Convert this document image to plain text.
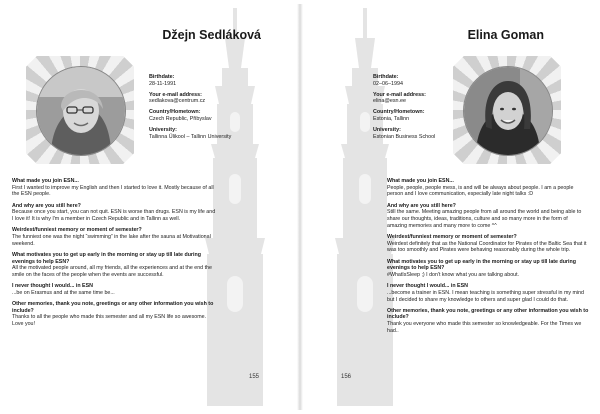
Džejn Sedláková
Birthdate:
28-11-1991
Your e-mail address:
sedlakova@centrum.cz
Country/Hometown:
Czech Republic, Přibyslav
University:
Tallinna Ülikool – Tallinn University
What made you join ESN...
First I wanted to improve my English and then I started to love it. Mostly because of all the ESN people.
And why are you still here?
Because once you start, you can not quit. ESN is worse than drugs. ESN is my life and I love it! It is why I'm a member in Czech Republic and in Tallinn as well.
Weirdest/funniest memory or moment of semester?
The funniest one was the night “swimming” in the lake after the sauna at Motivational weekend.
What motivates you to get up early in the morning or stay up till late during evenings to help ESN?
All the motivated people around, all my friends, all the experiences and at the end the smile on the faces of the people when the events are successful.
I never thought I would... in ESN
...be on Erasmus and at the same time be...
Other memories, thank you note, greetings or any other information you wish to include?
Thanks to all the people who made this semester and all my ESN life so awesome. Love you!
155
Elina Goman
Birthdate:
02–06–1994
Your e-mail address:
elina@esn.ee
Country/Hometown:
Estonia, Tallinn
University:
Estonian Business School
What made you join ESN...
People, people, people mess, is and will be always about people. I am a people person and I love communication, especially late night talks :D
And why are you still here?
Still the same. Meeting amazing people from all around the world and being able to share our thoughts, ideas, traditions, culture and so many more in the form of amazing memories and many more to come ^^
Weirdest/funniest memory or moment of semester?
Weirdest definitely that as the National Coordinator for Pirates of the Baltic Sea that it was too smoothly and Pirates were behaving reasonably during the whole trip.
What motivates you to get up early in the morning or stay up till late during evenings to help ESN?
#WhatIsSleep ;) I don't know what you are talking about.
I never thought I would... in ESN
...become a trainer in ESN. I mean teaching is something super stressful in my mind but I decided to share my knowledge to others and super glad I could do that.
Other memories, thank you note, greetings or any other information you wish to include?
Thank you everyone who made this semester so knowledgeable. For the Times we had..
156
